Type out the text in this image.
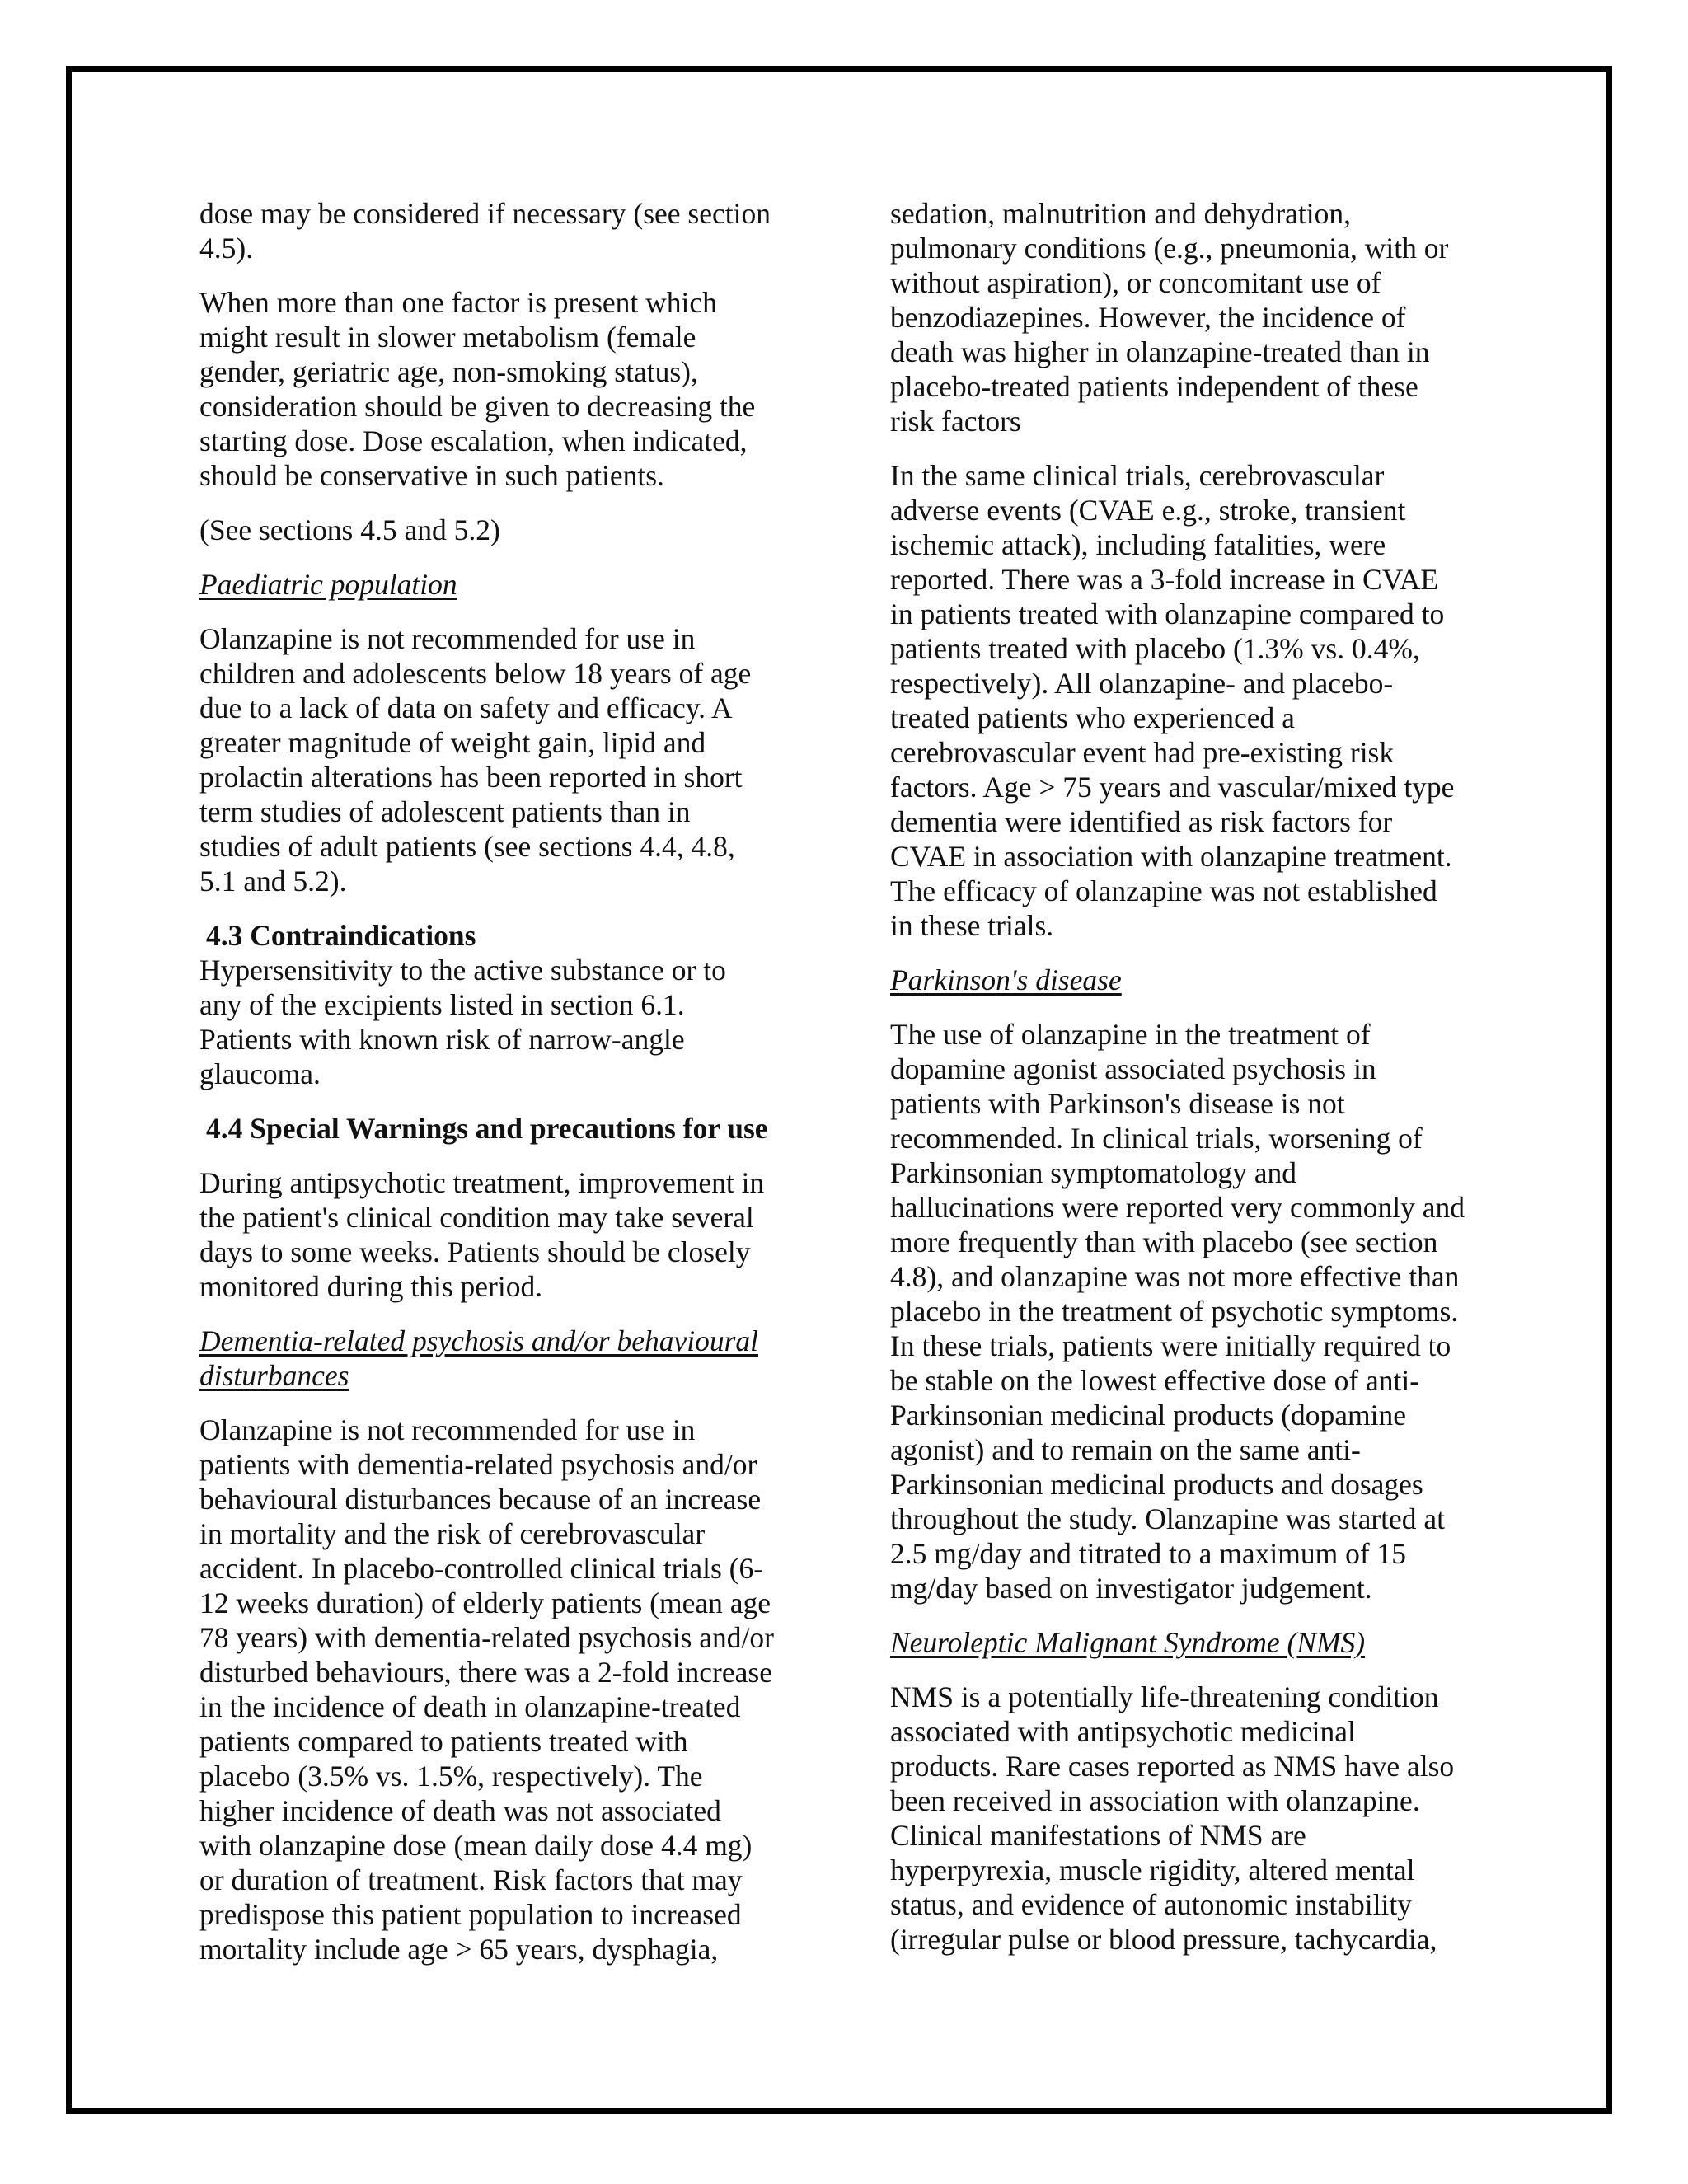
dose may be considered if necessary (see section
4.5).

When more than one factor is present which
might result in slower metabolism (female
gender, geriatric age, non-smoking status),
consideration should be given to decreasing the
starting dose. Dose escalation, when indicated,
should be conservative in such patients.

(See sections 4.5 and 5.2)

Paediatric population

Olanzapine is not recommended for use in
children and adolescents below 18 years of age
due to a lack of data on safety and efficacy. A
greater magnitude of weight gain, lipid and
prolactin alterations has been reported in short
term studies of adolescent patients than in
studies of adult patients (see sections 4.4, 4.8,
5.1 and 5.2).

4.3 Contraindications

Hypersensitivity to the active substance or to
any of the excipients listed in section 6.1.
Patients with known risk of narrow-angle
glaucoma.

4.4 Special Warnings and precautions for use

During antipsychotic treatment, improvement in
the patient's clinical condition may take several
days to some weeks. Patients should be closely
monitored during this period.

Dementia-related psychosis and/or behavioural
disturbances

Olanzapine is not recommended for use in
patients with dementia-related psychosis and/or
behavioural disturbances because of an increase
in mortality and the risk of cerebrovascular
accident. In placebo-controlled clinical trials (6-
12 weeks duration) of elderly patients (mean age
78 years) with dementia-related psychosis and/or
disturbed behaviours, there was a 2-fold increase
in the incidence of death in olanzapine-treated
patients compared to patients treated with
placebo (3.5% vs. 1.5%, respectively). The
higher incidence of death was not associated
with olanzapine dose (mean daily dose 4.4 mg)
or duration of treatment. Risk factors that may
predispose this patient population to increased
mortality include age > 65 years, dysphagia,

sedation, malnutrition and dehydration,
pulmonary conditions (e.g., pneumonia, with or
without aspiration), or concomitant use of
benzodiazepines. However, the incidence of
death was higher in olanzapine-treated than in
placebo-treated patients independent of these
risk factors

In the same clinical trials, cerebrovascular
adverse events (CVAE e.g., stroke, transient
ischemic attack), including fatalities, were
reported. There was a 3-fold increase in CVAE
in patients treated with olanzapine compared to
patients treated with placebo (1.3% vs. 0.4%,
respectively). All olanzapine- and placebo-
treated patients who experienced a
cerebrovascular event had pre-existing risk
factors. Age > 75 years and vascular/mixed type
dementia were identified as risk factors for
CVAE in association with olanzapine treatment.
The efficacy of olanzapine was not established
in these trials.

Parkinson's disease

The use of olanzapine in the treatment of
dopamine agonist associated psychosis in
patients with Parkinson's disease is not
recommended. In clinical trials, worsening of
Parkinsonian symptomatology and
hallucinations were reported very commonly and
more frequently than with placebo (see section
4.8), and olanzapine was not more effective than
placebo in the treatment of psychotic symptoms.
In these trials, patients were initially required to
be stable on the lowest effective dose of anti-
Parkinsonian medicinal products (dopamine
agonist) and to remain on the same anti-
Parkinsonian medicinal products and dosages
throughout the study. Olanzapine was started at
2.5 mg/day and titrated to a maximum of 15
mg/day based on investigator judgement.

Neuroleptic Malignant Syndrome (NMS)

NMS is a potentially life-threatening condition
associated with antipsychotic medicinal
products. Rare cases reported as NMS have also
been received in association with olanzapine.
Clinical manifestations of NMS are
hyperpyrexia, muscle rigidity, altered mental
status, and evidence of autonomic instability
(irregular pulse or blood pressure, tachycardia,
